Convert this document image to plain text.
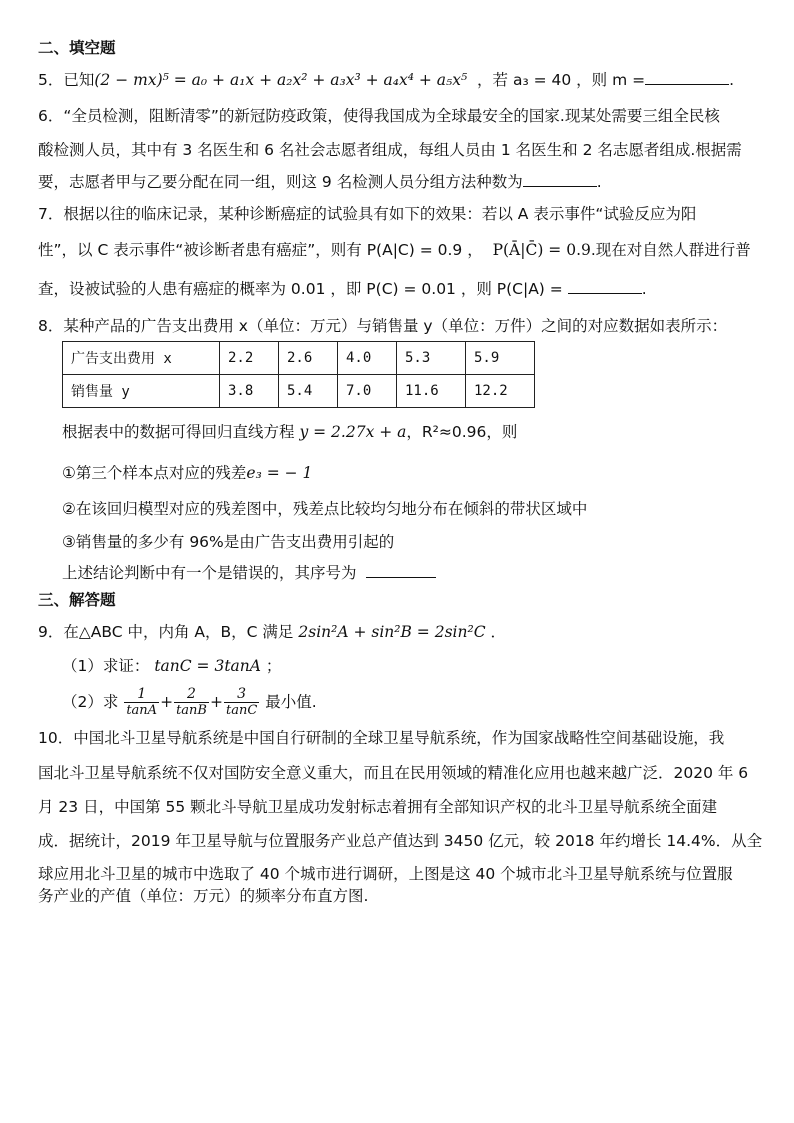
二、填空题
5．已知(2 − mx)⁵ = a₀ + a₁x + a₂x² + a₃x³ + a₄x⁴ + a₅x⁵ ，若 a₃ = 40 ，则 m =	.
6．“全员检测，阻断清零”的新冠防疫政策，使得我国成为全球最安全的国家.现某处需要三组全民核
酸检测人员，其中有 3 名医生和 6 名社会志愿者组成，每组人员由 1 名医生和 2 名志愿者组成.根据需
要，志愿者甲与乙要分配在同一组，则这 9 名检测人员分组方法种数为	.
7．根据以往的临床记录，某种诊断癌症的试验具有如下的效果：若以 A 表示事件“试验反应为阳
性”，以 C 表示事件“被诊断者患有癌症”，则有 P(A|C) = 0.9 ， P(Ā|C̄) = 0.9.现在对自然人群进行普
查，设被试验的人患有癌症的概率为 0.01 ，即 P(C) = 0.01 ，则 P(C|A) =	.
8．某种产品的广告支出费用 x（单位：万元）与销售量 y（单位：万件）之间的对应数据如表所示：
广告支出费用 x	2.2	2.6	4.0	5.3	5.9
销售量 y	3.8	5.4	7.0	11.6	12.2
根据表中的数据可得回归直线方程 y = 2.27x + a，R²≈0.96，则
①第三个样本点对应的残差e₃ = − 1
②在该回归模型对应的残差图中，残差点比较均匀地分布在倾斜的带状区域中
③销售量的多少有 96%是由广告支出费用引起的
上述结论判断中有一个是错误的，其序号为
三、解答题
9．在△ABC 中，内角 A，B，C 满足 2sin²A + sin²B = 2sin²C ．
（1）求证： tanC = 3tanA ；
（2）求 $\frac{1}{\tan A} + \frac{2}{\tan B} + \frac{3}{\tan C}$ 最小值.
10．中国北斗卫星导航系统是中国自行研制的全球卫星导航系统，作为国家战略性空间基础设施，我
国北斗卫星导航系统不仅对国防安全意义重大，而且在民用领域的精准化应用也越来越广泛．2020 年 6
月 23 日，中国第 55 颗北斗导航卫星成功发射标志着拥有全部知识产权的北斗卫星导航系统全面建
成．据统计，2019 年卫星导航与位置服务产业总产值达到 3450 亿元，较 2018 年约增长 14.4%．从全
球应用北斗卫星的城市中选取了 40 个城市进行调研，上图是这 40 个城市北斗卫星导航系统与位置服
务产业的产值（单位：万元）的频率分布直方图.
